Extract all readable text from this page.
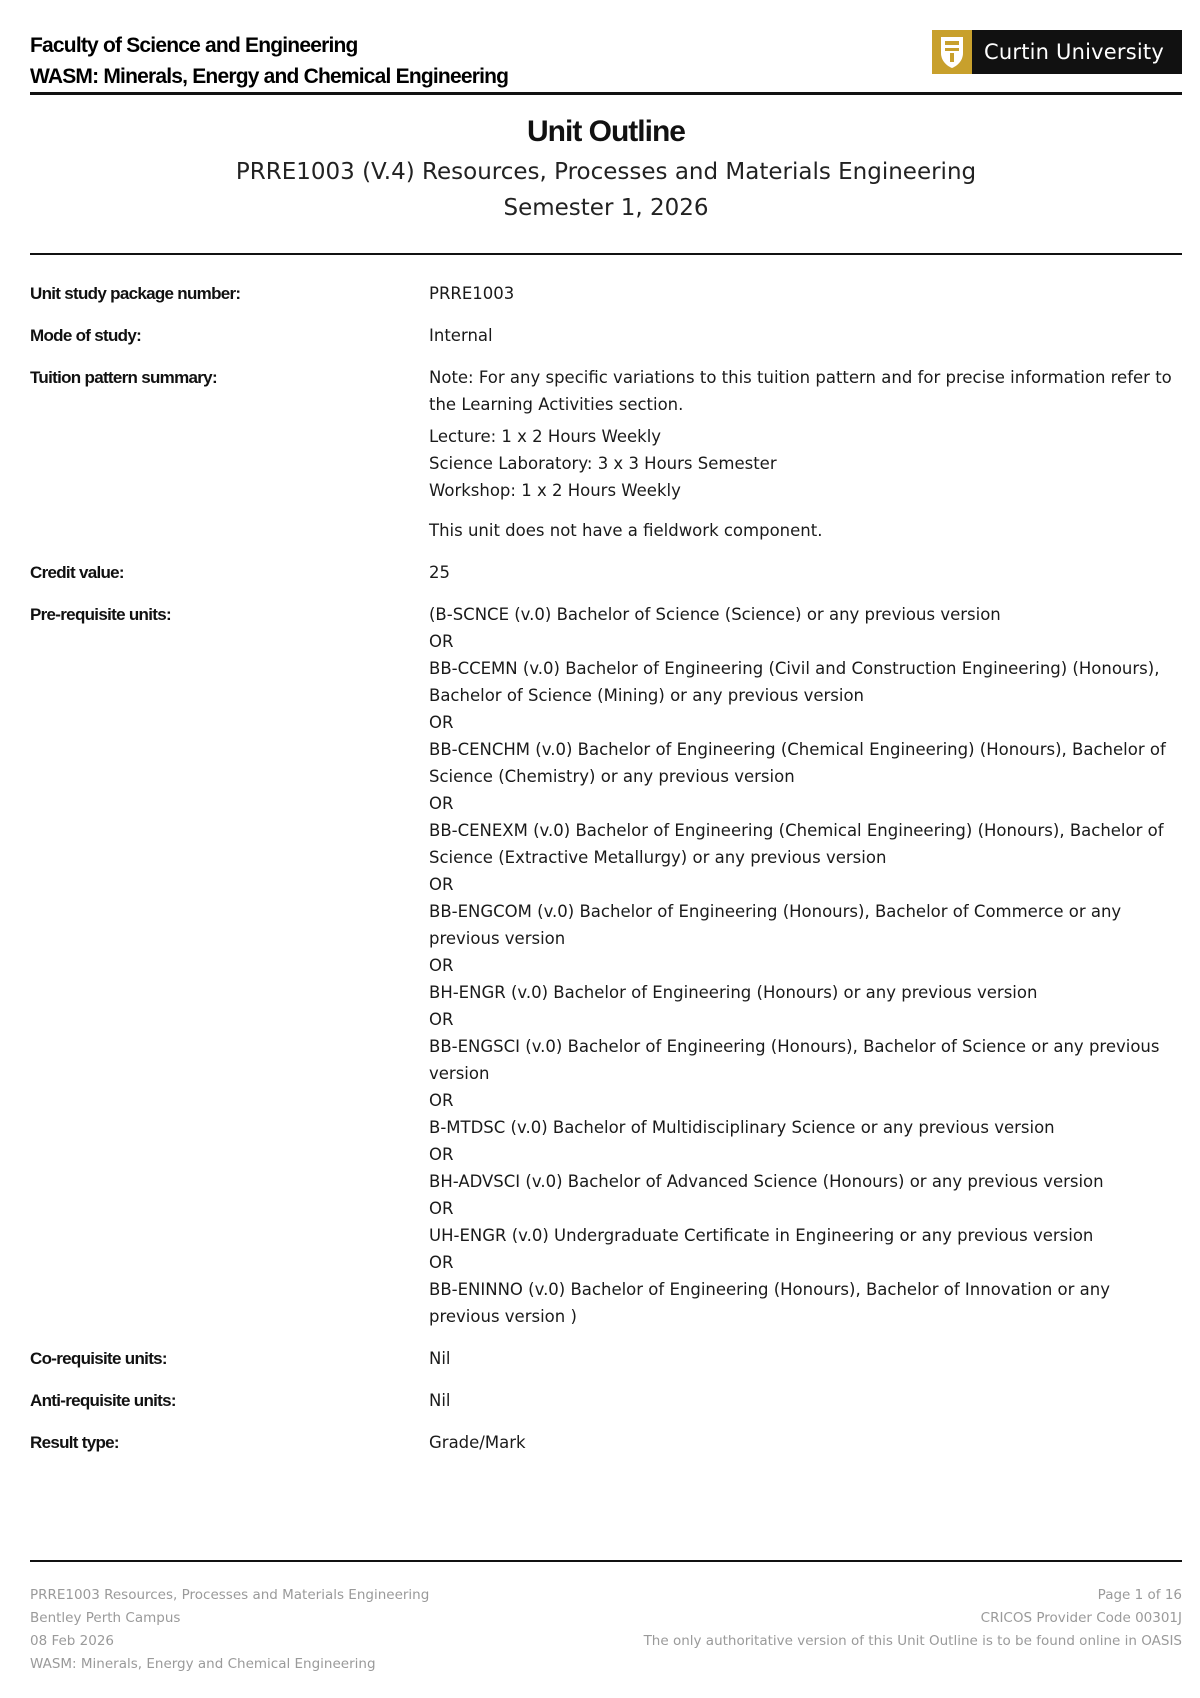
Faculty of Science and Engineering
WASM: Minerals, Energy and Chemical Engineering
Curtin University
Unit Outline
PRRE1003 (V.4) Resources, Processes and Materials Engineering
Semester 1, 2026
Unit study package number:	PRRE1003
Mode of study:	Internal
Tuition pattern summary:	Note: For any specific variations to this tuition pattern and for precise information refer to the Learning Activities section.
Lecture: 1 x 2 Hours Weekly
Science Laboratory: 3 x 3 Hours Semester
Workshop: 1 x 2 Hours Weekly
This unit does not have a fieldwork component.
Credit value:	25
Pre-requisite units:	(B-SCNCE (v.0) Bachelor of Science (Science) or any previous version
OR
BB-CCEMN (v.0) Bachelor of Engineering (Civil and Construction Engineering) (Honours), Bachelor of Science (Mining) or any previous version
OR
BB-CENCHM (v.0) Bachelor of Engineering (Chemical Engineering) (Honours), Bachelor of Science (Chemistry) or any previous version
OR
BB-CENEXM (v.0) Bachelor of Engineering (Chemical Engineering) (Honours), Bachelor of Science (Extractive Metallurgy) or any previous version
OR
BB-ENGCOM (v.0) Bachelor of Engineering (Honours), Bachelor of Commerce or any previous version
OR
BH-ENGR (v.0) Bachelor of Engineering (Honours) or any previous version
OR
BB-ENGSCI (v.0) Bachelor of Engineering (Honours), Bachelor of Science or any previous version
OR
B-MTDSC (v.0) Bachelor of Multidisciplinary Science or any previous version
OR
BH-ADVSCI (v.0) Bachelor of Advanced Science (Honours) or any previous version
OR
UH-ENGR (v.0) Undergraduate Certificate in Engineering or any previous version
OR
BB-ENINNO (v.0) Bachelor of Engineering (Honours), Bachelor of Innovation or any previous version )
Co-requisite units:	Nil
Anti-requisite units:	Nil
Result type:	Grade/Mark
PRRE1003 Resources, Processes and Materials Engineering
Bentley Perth Campus
08 Feb 2026
WASM: Minerals, Energy and Chemical Engineering
Page 1 of 16
CRICOS Provider Code 00301J
The only authoritative version of this Unit Outline is to be found online in OASIS
